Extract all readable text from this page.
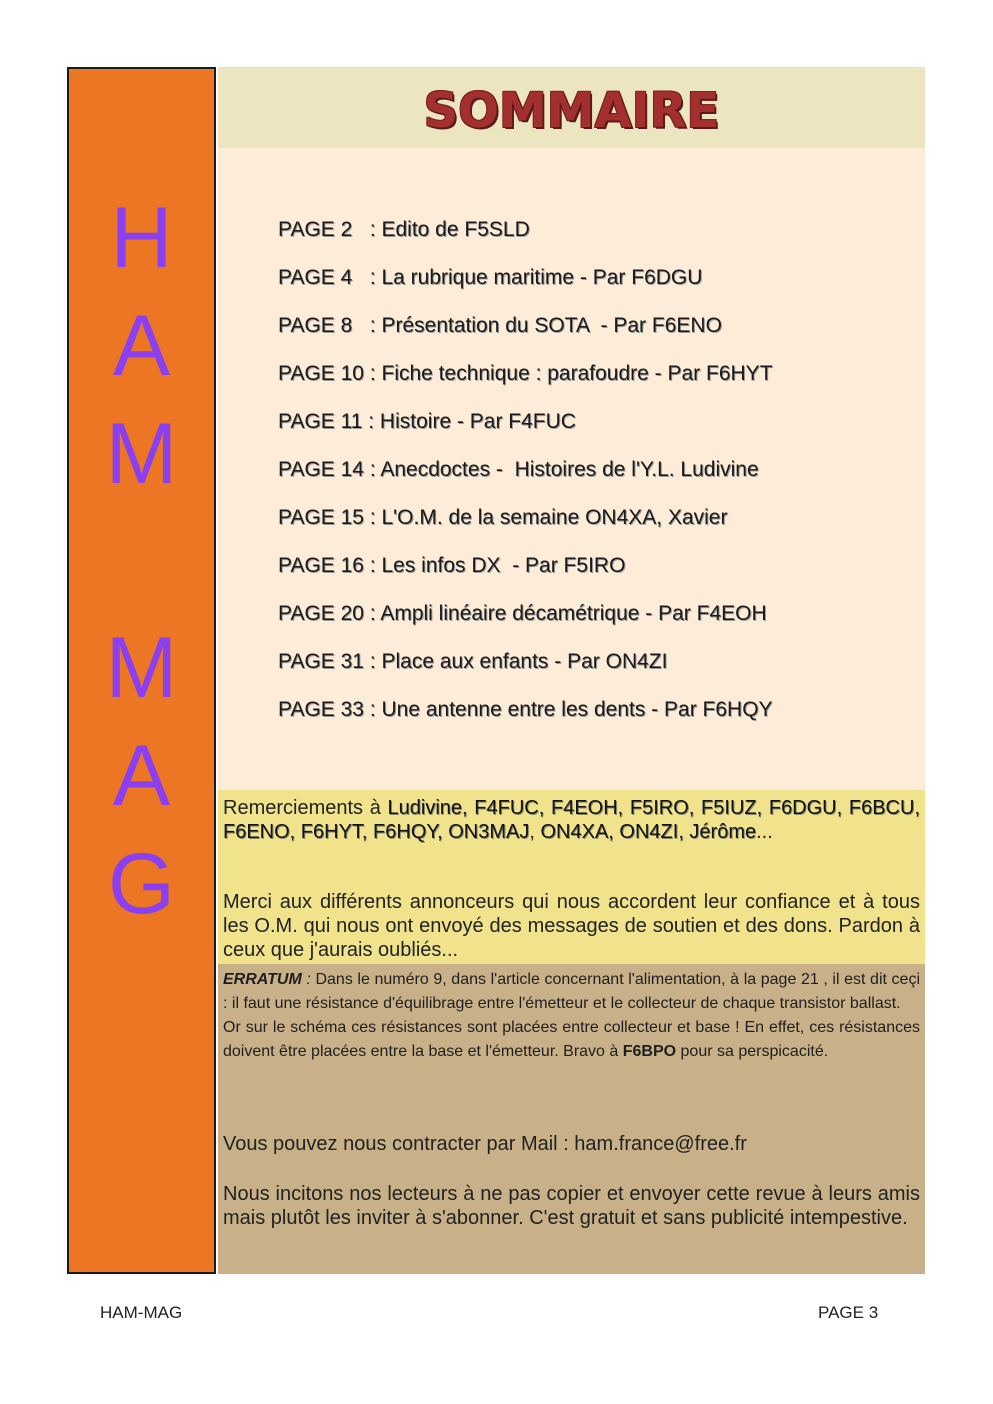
H
A
M
M
A
G
SOMMAIRE
PAGE 2   : Edito de F5SLD
PAGE 4   : La rubrique maritime - Par F6DGU
PAGE 8   : Présentation du SOTA  - Par F6ENO
PAGE 10 : Fiche technique : parafoudre - Par F6HYT
PAGE 11 : Histoire - Par F4FUC
PAGE 14 : Anecdoctes -  Histoires de l'Y.L. Ludivine
PAGE 15 : L'O.M. de la semaine ON4XA, Xavier
PAGE 16 : Les infos DX  - Par F5IRO
PAGE 20 : Ampli linéaire décamétrique - Par F4EOH
PAGE 31 : Place aux enfants - Par ON4ZI
PAGE 33 : Une antenne entre les dents - Par F6HQY

Remerciements à Ludivine, F4FUC, F4EOH, F5IRO, F5IUZ, F6DGU, F6BCU, F6ENO, F6HYT, F6HQY, ON3MAJ, ON4XA, ON4ZI, Jérôme...

Merci aux différents annonceurs qui nous accordent leur confiance et à tous les O.M. qui nous ont envoyé des messages de soutien et des dons. Pardon à ceux que j'aurais oubliés...

ERRATUM : Dans le numéro 9, dans l'article concernant l'alimentation, à la page 21 , il est dit ceçi : il faut une résistance d'équilibrage entre l'émetteur et le collecteur de chaque transistor ballast.
Or sur le schéma ces résistances sont placées entre collecteur et base ! En effet, ces résistances doivent être placées entre la base et l'émetteur. Bravo à F6BPO pour sa perspicacité.

Vous pouvez nous contracter par Mail : ham.france@free.fr

Nous incitons nos lecteurs à ne pas copier et envoyer cette revue à leurs amis mais plutôt les inviter à s'abonner. C'est gratuit et sans publicité intempestive.

HAM-MAG	PAGE 3
